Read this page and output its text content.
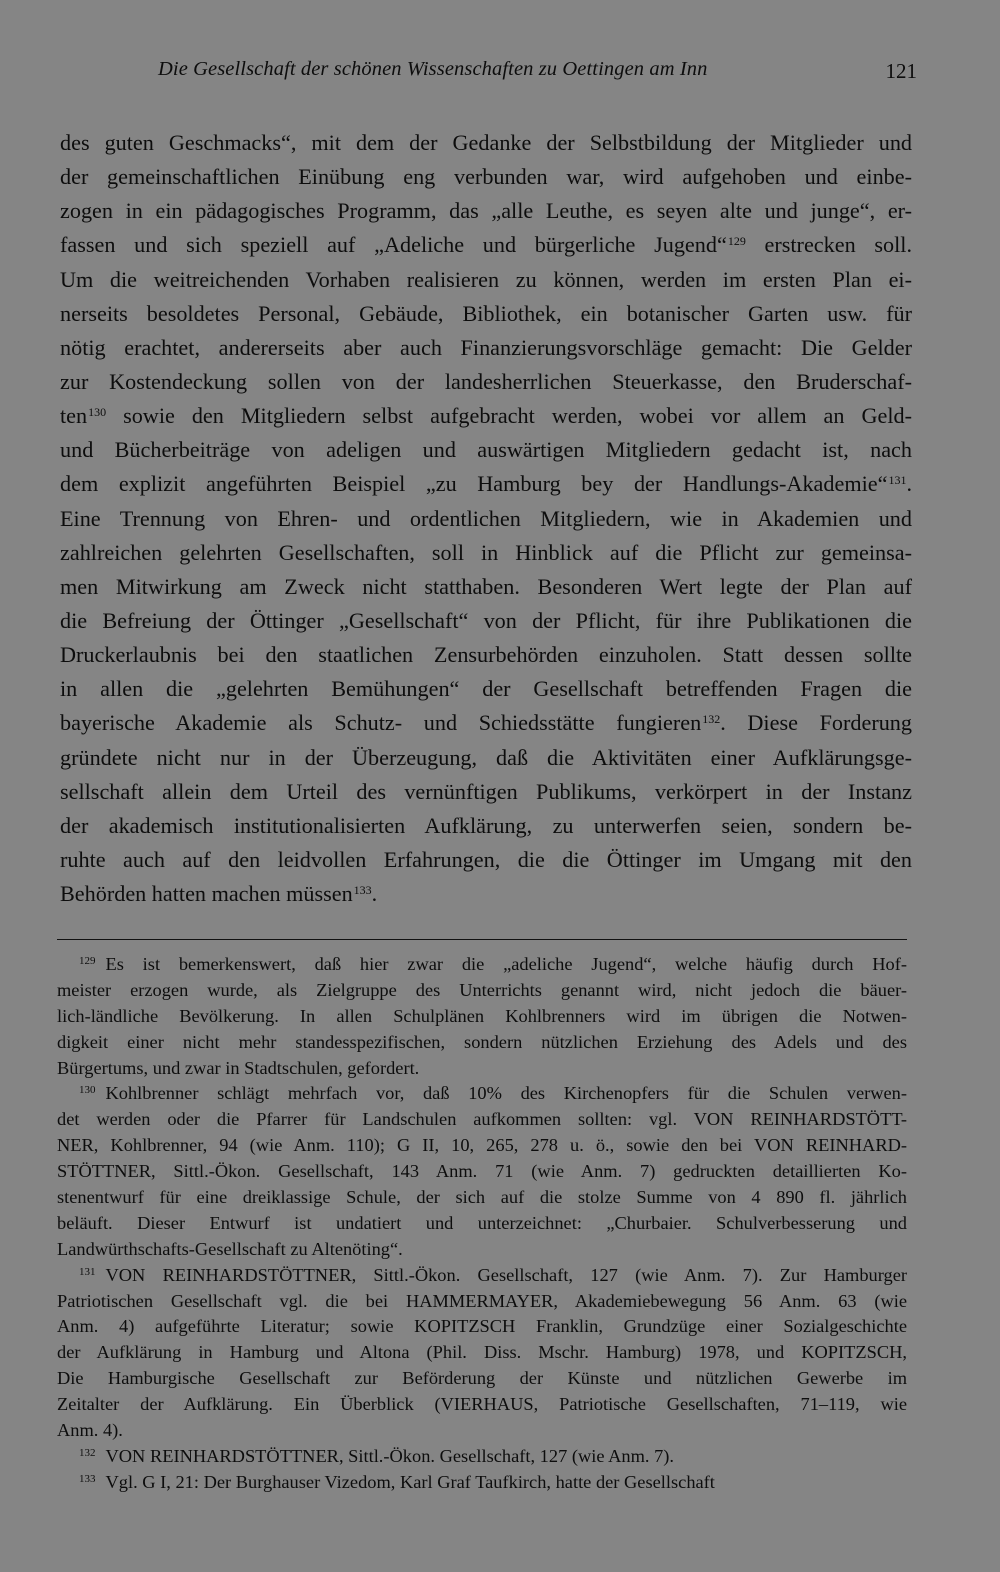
Die Gesellschaft der schönen Wissenschaften zu Oettingen am Inn	121
des guten Geschmacks“, mit dem der Gedanke der Selbstbildung der Mitglieder und
der gemeinschaftlichen Einübung eng verbunden war, wird aufgehoben und einbe-
zogen in ein pädagogisches Programm, das „alle Leuthe, es seyen alte und junge“, er-
fassen und sich speziell auf „Adeliche und bürgerliche Jugend“$^{129}$ erstrecken soll.
Um die weitreichenden Vorhaben realisieren zu können, werden im ersten Plan ei-
nerseits besoldetes Personal, Gebäude, Bibliothek, ein botanischer Garten usw. für
nötig erachtet, andererseits aber auch Finanzierungsvorschläge gemacht: Die Gelder
zur Kostendeckung sollen von der landesherrlichen Steuerkasse, den Bruderschaf-
ten$^{130}$ sowie den Mitgliedern selbst aufgebracht werden, wobei vor allem an Geld-
und Bücherbeiträge von adeligen und auswärtigen Mitgliedern gedacht ist, nach
dem explizit angeführten Beispiel „zu Hamburg bey der Handlungs-Akademie“$^{131}$.
Eine Trennung von Ehren- und ordentlichen Mitgliedern, wie in Akademien und
zahlreichen gelehrten Gesellschaften, soll in Hinblick auf die Pflicht zur gemeinsa-
men Mitwirkung am Zweck nicht statthaben. Besonderen Wert legte der Plan auf
die Befreiung der Öttinger „Gesellschaft“ von der Pflicht, für ihre Publikationen die
Druckerlaubnis bei den staatlichen Zensurbehörden einzuholen. Statt dessen sollte
in allen die „gelehrten Bemühungen“ der Gesellschaft betreffenden Fragen die
bayerische Akademie als Schutz- und Schiedsstätte fungieren$^{132}$. Diese Forderung
gründete nicht nur in der Überzeugung, daß die Aktivitäten einer Aufklärungsge-
sellschaft allein dem Urteil des vernünftigen Publikums, verkörpert in der Instanz
der akademisch institutionalisierten Aufklärung, zu unterwerfen seien, sondern be-
ruhte auch auf den leidvollen Erfahrungen, die die Öttinger im Umgang mit den
Behörden hatten machen müssen$^{133}$.
$^{129}$ Es ist bemerkenswert, daß hier zwar die „adeliche Jugend“, welche häufig durch Hof-
meister erzogen wurde, als Zielgruppe des Unterrichts genannt wird, nicht jedoch die bäuer-
lich-ländliche Bevölkerung. In allen Schulplänen Kohlbrenners wird im übrigen die Notwen-
digkeit einer nicht mehr standesspezifischen, sondern nützlichen Erziehung des Adels und des
Bürgertums, und zwar in Stadtschulen, gefordert.
$^{130}$ Kohlbrenner schlägt mehrfach vor, daß 10% des Kirchenopfers für die Schulen verwen-
det werden oder die Pfarrer für Landschulen aufkommen sollten: vgl. VON REINHARDSTÖTT-
NER, Kohlbrenner, 94 (wie Anm. 110); G II, 10, 265, 278 u. ö., sowie den bei VON REINHARD-
STÖTTNER, Sittl.-Ökon. Gesellschaft, 143 Anm. 71 (wie Anm. 7) gedruckten detaillierten Ko-
stenentwurf für eine dreiklassige Schule, der sich auf die stolze Summe von 4 890 fl. jährlich
beläuft. Dieser Entwurf ist undatiert und unterzeichnet: „Churbaier. Schulverbesserung und
Landwürthschafts-Gesellschaft zu Altenöting“.
$^{131}$ VON REINHARDSTÖTTNER, Sittl.-Ökon. Gesellschaft, 127 (wie Anm. 7). Zur Hamburger
Patriotischen Gesellschaft vgl. die bei HAMMERMAYER, Akademiebewegung 56 Anm. 63 (wie
Anm. 4) aufgeführte Literatur; sowie KOPITZSCH Franklin, Grundzüge einer Sozialgeschichte
der Aufklärung in Hamburg und Altona (Phil. Diss. Mschr. Hamburg) 1978, und KOPITZSCH,
Die Hamburgische Gesellschaft zur Beförderung der Künste und nützlichen Gewerbe im
Zeitalter der Aufklärung. Ein Überblick (VIERHAUS, Patriotische Gesellschaften, 71–119, wie
Anm. 4).
$^{132}$ VON REINHARDSTÖTTNER, Sittl.-Ökon. Gesellschaft, 127 (wie Anm. 7).
$^{133}$ Vgl. G I, 21: Der Burghauser Vizedom, Karl Graf Taufkirch, hatte der Gesellschaft
